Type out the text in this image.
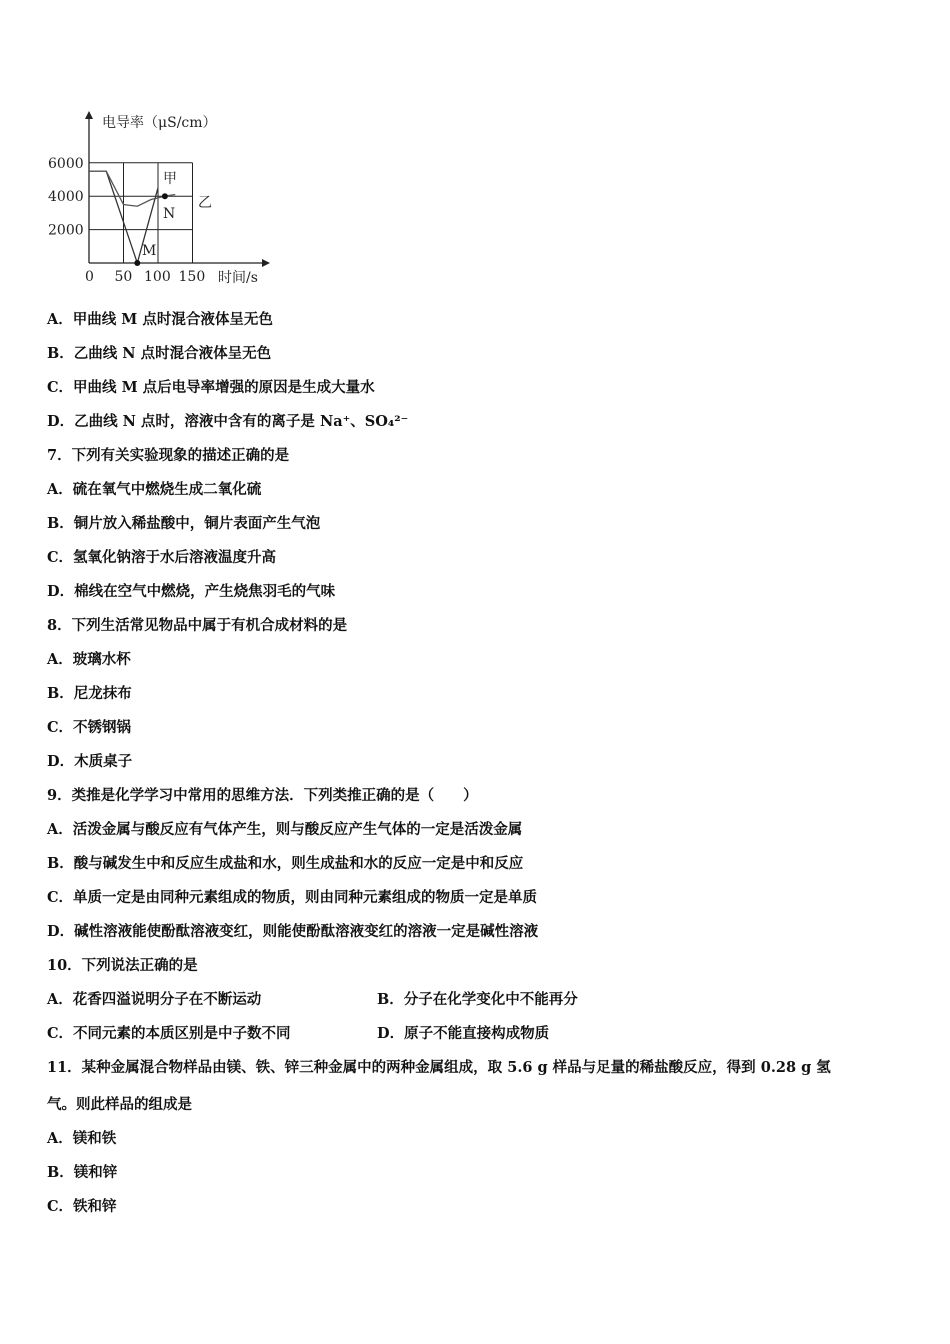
2000
4000
6000
0 50 100 150
电导率（μS/cm）
时间/s
甲
乙
N
M
A．甲曲线 M 点时混合液体呈无色
B．乙曲线 N 点时混合液体呈无色
C．甲曲线 M 点后电导率增强的原因是生成大量水
D．乙曲线 N 点时，溶液中含有的离子是 Na⁺、SO₄²⁻
7．下列有关实验现象的描述正确的是
A．硫在氧气中燃烧生成二氧化硫
B．铜片放入稀盐酸中，铜片表面产生气泡
C．氢氧化钠溶于水后溶液温度升高
D．棉线在空气中燃烧，产生烧焦羽毛的气味
8．下列生活常见物品中属于有机合成材料的是
A．玻璃水杯
B．尼龙抹布
C．不锈钢锅
D．木质桌子
9．类推是化学学习中常用的思维方法．下列类推正确的是（　　）
A．活泼金属与酸反应有气体产生，则与酸反应产生气体的一定是活泼金属
B．酸与碱发生中和反应生成盐和水，则生成盐和水的反应一定是中和反应
C．单质一定是由同种元素组成的物质，则由同种元素组成的物质一定是单质
D．碱性溶液能使酚酞溶液变红，则能使酚酞溶液变红的溶液一定是碱性溶液
10．下列说法正确的是
A．花香四溢说明分子在不断运动	B．分子在化学变化中不能再分
C．不同元素的本质区别是中子数不同	D．原子不能直接构成物质
11．某种金属混合物样品由镁、铁、锌三种金属中的两种金属组成，取 5.6 g 样品与足量的稀盐酸反应，得到 0.28 g 氢
气。则此样品的组成是
A．镁和铁
B．镁和锌
C．铁和锌
